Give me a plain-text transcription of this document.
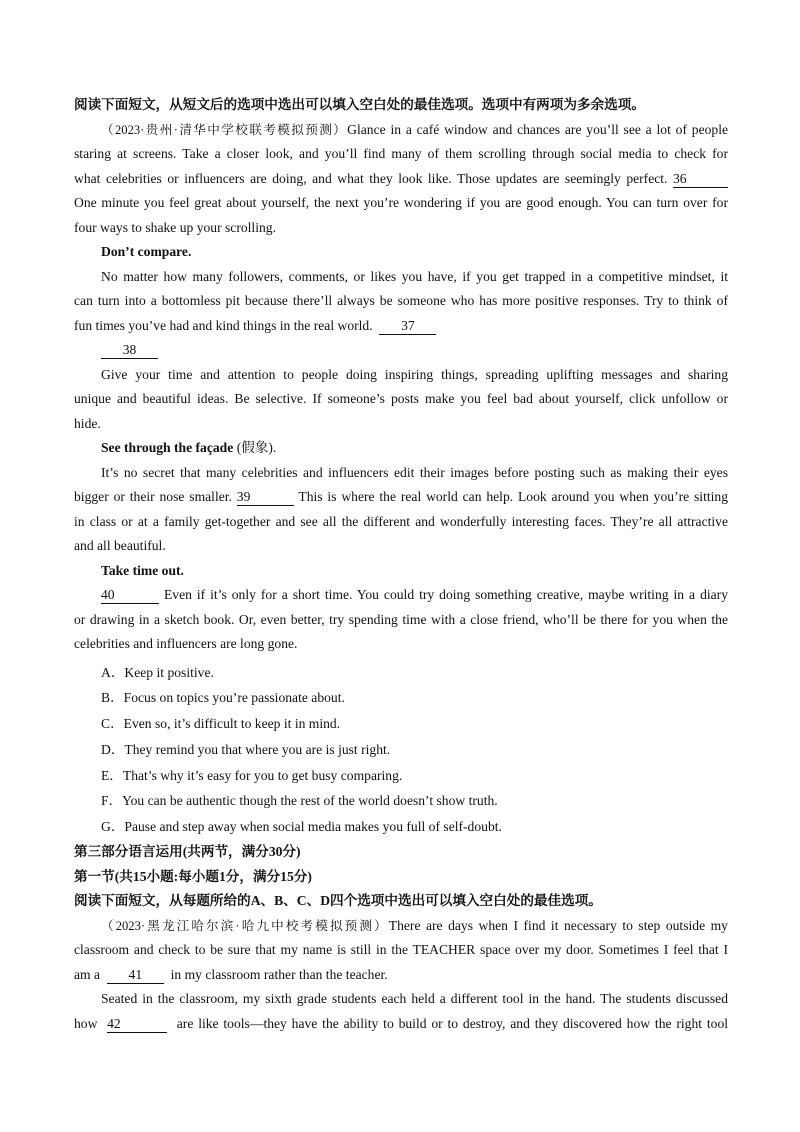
阅读下面短文，从短文后的选项中选出可以填入空白处的最佳选项。选项中有两项为多余选项。
（2023·贵州·清华中学校联考模拟预测）Glance in a café window and chances are you’ll see a lot of people
staring at screens. Take a closer look, and you’ll find many of them scrolling through social media to check for
what celebrities or influencers are doing, and what they look like. Those updates are seemingly perfect. 36
One minute you feel great about yourself, the next you’re wondering if you are good enough. You can turn over for
four ways to shake up your scrolling.
Don’t compare.
No matter how many followers, comments, or likes you have, if you get trapped in a competitive mindset, it
can turn into a bottomless pit because there’ll always be someone who has more positive responses. Try to think of
fun times you’ve had and kind things in the real world. 37
38
Give your time and attention to people doing inspiring things, spreading uplifting messages and sharing
unique and beautiful ideas. Be selective. If someone’s posts make you feel bad about yourself, click unfollow or
hide.
See through the façade (假象).
It’s no secret that many celebrities and influencers edit their images before posting such as making their eyes
bigger or their nose smaller. 39	This is where the real world can help. Look around you when you’re sitting
in class or at a family get-together and see all the different and wonderfully interesting faces. They’re all attractive
and all beautiful.
Take time out.
40	Even if it’s only for a short time. You could try doing something creative, maybe writing in a diary
or drawing in a sketch book. Or, even better, try spending time with a close friend, who’ll be there for you when the
celebrities and influencers are long gone.
A．Keep it positive.
B．Focus on topics you’re passionate about.
C．Even so, it’s difficult to keep it in mind.
D．They remind you that where you are is just right.
E．That’s why it’s easy for you to get busy comparing.
F．You can be authentic though the rest of the world doesn’t show truth.
G．Pause and step away when social media makes you full of self-doubt.
第三部分语言运用(共两节，满分30分)
第一节(共15小题:每小题1分，满分15分)
阅读下面短文，从每题所给的A、B、C、D四个选项中选出可以填入空白处的最佳选项。
（2023·黑龙江哈尔滨·哈九中校考模拟预测）There are days when I find it necessary to step outside my
classroom and check to be sure that my name is still in the TEACHER space over my door. Sometimes I feel that I
am a 41 in my classroom rather than the teacher.
Seated in the classroom, my sixth grade students each held a different tool in the hand. The students discussed
how 42	are like tools—they have the ability to build or to destroy, and they discovered how the right tool
